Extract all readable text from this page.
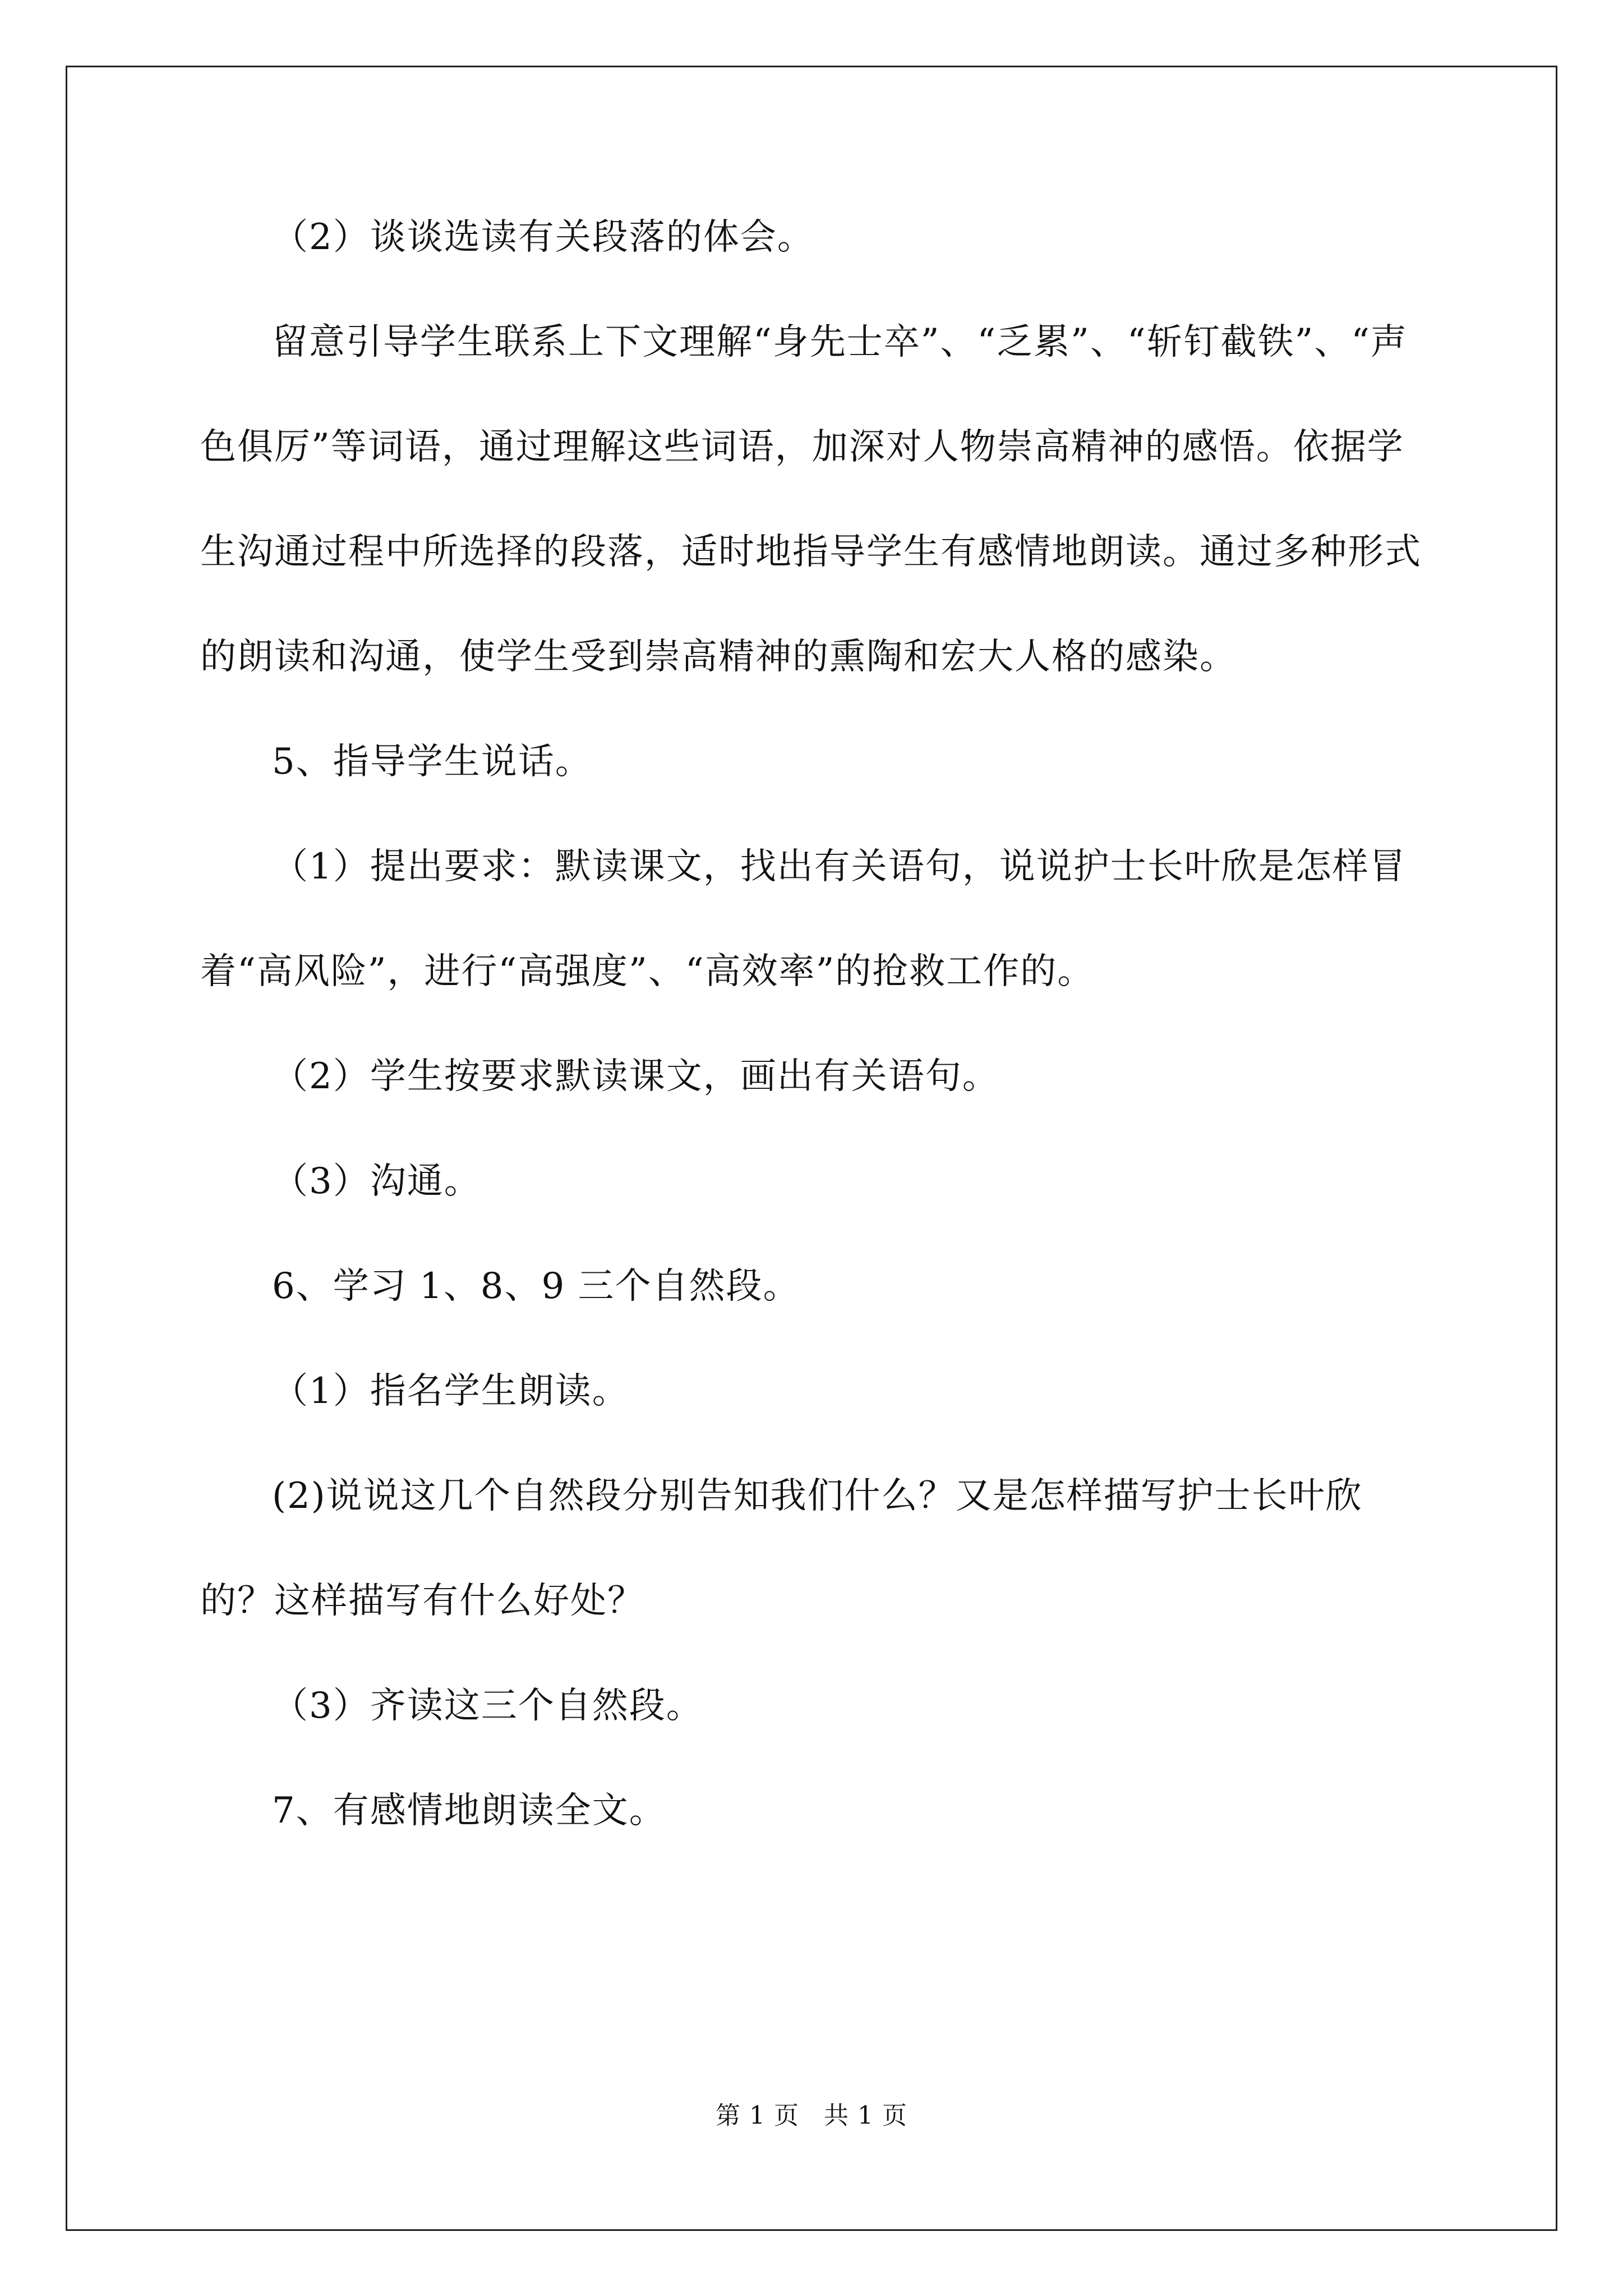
（2）谈谈选读有关段落的体会。

留意引导学生联系上下文理解“身先士卒”、“乏累”、“斩钉截铁”、“声色俱厉”等词语，通过理解这些词语，加深对人物崇高精神的感悟。依据学生沟通过程中所选择的段落，适时地指导学生有感情地朗读。通过多种形式的朗读和沟通，使学生受到崇高精神的熏陶和宏大人格的感染。

5、指导学生说话。

（1）提出要求：默读课文，找出有关语句，说说护士长叶欣是怎样冒着“高风险”，进行“高强度”、“高效率”的抢救工作的。

（2）学生按要求默读课文，画出有关语句。

（3）沟通。

6、学习 1、8、9 三个自然段。

（1）指名学生朗读。

(2)说说这几个自然段分别告知我们什么？又是怎样描写护士长叶欣的？这样描写有什么好处？

（3）齐读这三个自然段。

7、有感情地朗读全文。

第 1 页 共 1 页
